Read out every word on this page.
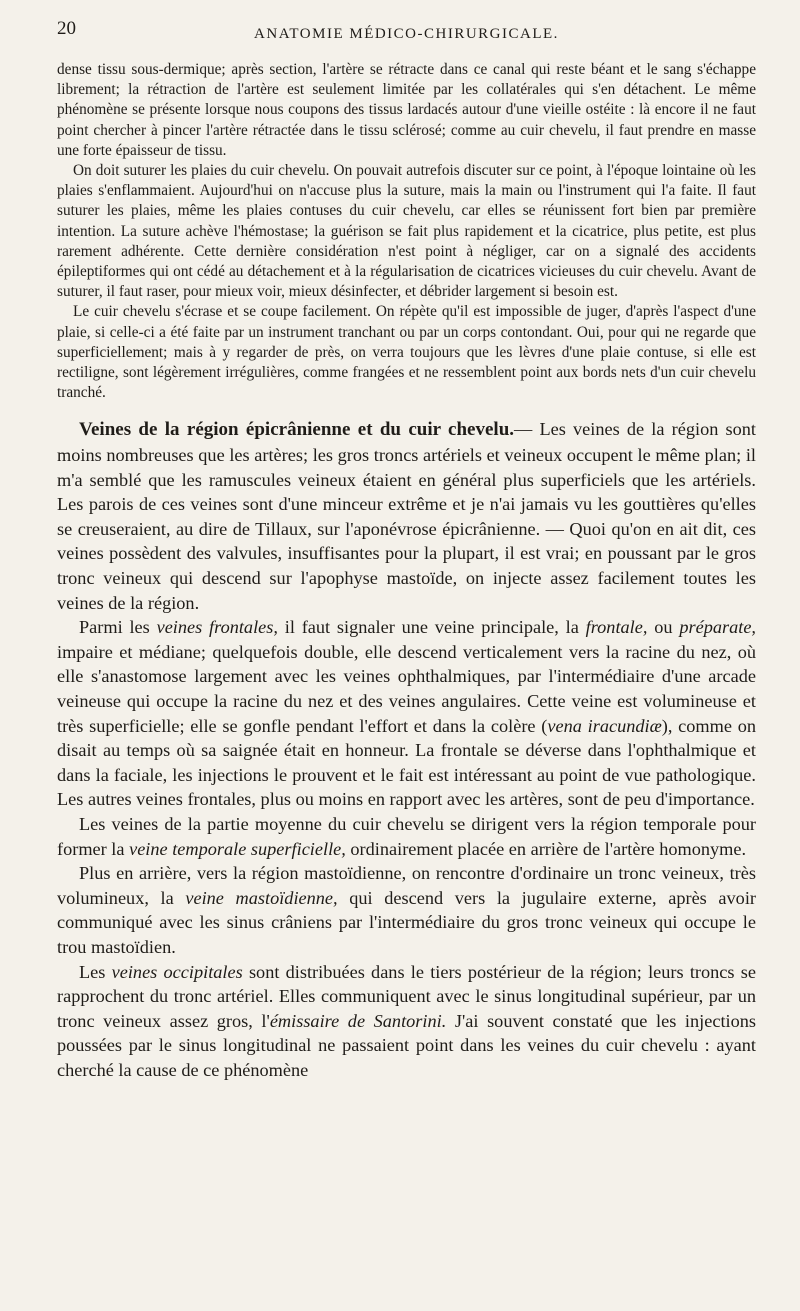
20	ANATOMIE MÉDICO-CHIRURGICALE.

dense tissu sous-dermique; après section, l'artère se rétracte dans ce canal qui reste béant et le sang s'échappe librement; la rétraction de l'artère est seulement limitée par les collatérales qui s'en détachent. Le même phénomène se présente lorsque nous coupons des tissus lardacés autour d'une vieille ostéite : là encore il ne faut point chercher à pincer l'artère rétractée dans le tissu sclérosé; comme au cuir chevelu, il faut prendre en masse une forte épaisseur de tissu.

On doit suturer les plaies du cuir chevelu. On pouvait autrefois discuter sur ce point, à l'époque lointaine où les plaies s'enflammaient. Aujourd'hui on n'accuse plus la suture, mais la main ou l'instrument qui l'a faite. Il faut suturer les plaies, même les plaies contuses du cuir chevelu, car elles se réunissent fort bien par première intention. La suture achève l'hémostase; la guérison se fait plus rapidement et la cicatrice, plus petite, est plus rarement adhérente. Cette dernière considération n'est point à négliger, car on a signalé des accidents épileptiformes qui ont cédé au détachement et à la régularisation de cicatrices vicieuses du cuir chevelu. Avant de suturer, il faut raser, pour mieux voir, mieux désinfecter, et débrider largement si besoin est.

Le cuir chevelu s'écrase et se coupe facilement. On répète qu'il est impossible de juger, d'après l'aspect d'une plaie, si celle-ci a été faite par un instrument tranchant ou par un corps contondant. Oui, pour qui ne regarde que superficiellement; mais à y regarder de près, on verra toujours que les lèvres d'une plaie contuse, si elle est rectiligne, sont légèrement irrégulières, comme frangées et ne ressemblent point aux bords nets d'un cuir chevelu tranché.

Veines de la région épicrânienne et du cuir chevelu.— Les veines de la région sont moins nombreuses que les artères; les gros troncs artériels et veineux occupent le même plan; il m'a semblé que les ramuscules veineux étaient en général plus superficiels que les artériels. Les parois de ces veines sont d'une minceur extrême et je n'ai jamais vu les gouttières qu'elles se creuseraient, au dire de Tillaux, sur l'aponévrose épicrânienne. — Quoi qu'on en ait dit, ces veines possèdent des valvules, insuffisantes pour la plupart, il est vrai; en poussant par le gros tronc veineux qui descend sur l'apophyse mastoïde, on injecte assez facilement toutes les veines de la région.

Parmi les veines frontales, il faut signaler une veine principale, la frontale, ou préparate, impaire et médiane; quelquefois double, elle descend verticalement vers la racine du nez, où elle s'anastomose largement avec les veines ophthalmiques, par l'intermédiaire d'une arcade veineuse qui occupe la racine du nez et des veines angulaires. Cette veine est volumineuse et très superficielle; elle se gonfle pendant l'effort et dans la colère (vena iracundiæ), comme on disait au temps où sa saignée était en honneur. La frontale se déverse dans l'ophthalmique et dans la faciale, les injections le prouvent et le fait est intéressant au point de vue pathologique. Les autres veines frontales, plus ou moins en rapport avec les artères, sont de peu d'importance.

Les veines de la partie moyenne du cuir chevelu se dirigent vers la région temporale pour former la veine temporale superficielle, ordinairement placée en arrière de l'artère homonyme.

Plus en arrière, vers la région mastoïdienne, on rencontre d'ordinaire un tronc veineux, très volumineux, la veine mastoïdienne, qui descend vers la jugulaire externe, après avoir communiqué avec les sinus crâniens par l'intermédiaire du gros tronc veineux qui occupe le trou mastoïdien.

Les veines occipitales sont distribuées dans le tiers postérieur de la région; leurs troncs se rapprochent du tronc artériel. Elles communiquent avec le sinus longitudinal supérieur, par un tronc veineux assez gros, l'émissaire de Santorini. J'ai souvent constaté que les injections poussées par le sinus longitudinal ne passaient point dans les veines du cuir chevelu : ayant cherché la cause de ce phénomène
